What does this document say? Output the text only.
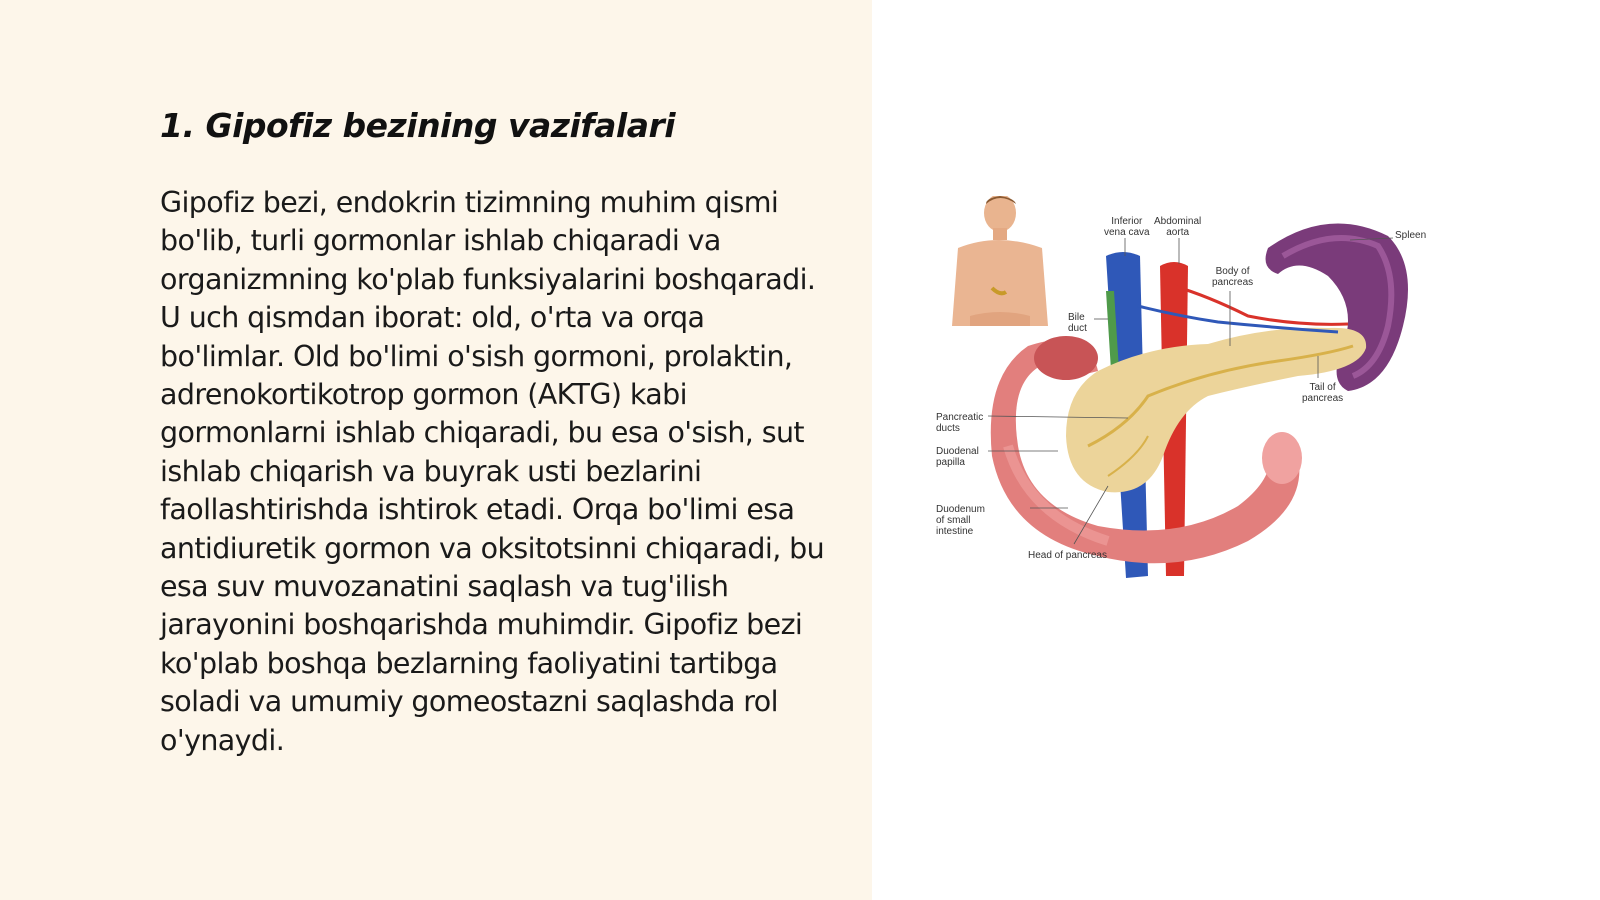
1. Gipofiz bezining vazifalari

Gipofiz bezi, endokrin tizimning muhim qismi bo'lib, turli gormonlar ishlab chiqaradi va organizmning ko'plab funksiyalarini boshqaradi. U uch qismdan iborat: old, o'rta va orqa bo'limlar. Old bo'limi o'sish gormoni, prolaktin, adrenokortikotrop gormon (AKTG) kabi gormonlarni ishlab chiqaradi, bu esa o'sish, sut ishlab chiqarish va buyrak usti bezlarini faollashtirishda ishtirok etadi. Orqa bo'limi esa antidiuretik gormon va oksitotsinni chiqaradi, bu esa suv muvozanatini saqlash va tug'ilish jarayonini boshqarishda muhimdir. Gipofiz bezi ko'plab boshqa bezlarning faoliyatini tartibga soladi va umumiy gomeostazni saqlashda rol o'ynaydi.

Inferior
vena cava
Abdominal
aorta	Spleen
Body of
pancreas
Bile
duct
Tail of
pancreas
Pancreatic
ducts
Duodenal
papilla
Duodenum
of small
intestine
Head of pancreas
